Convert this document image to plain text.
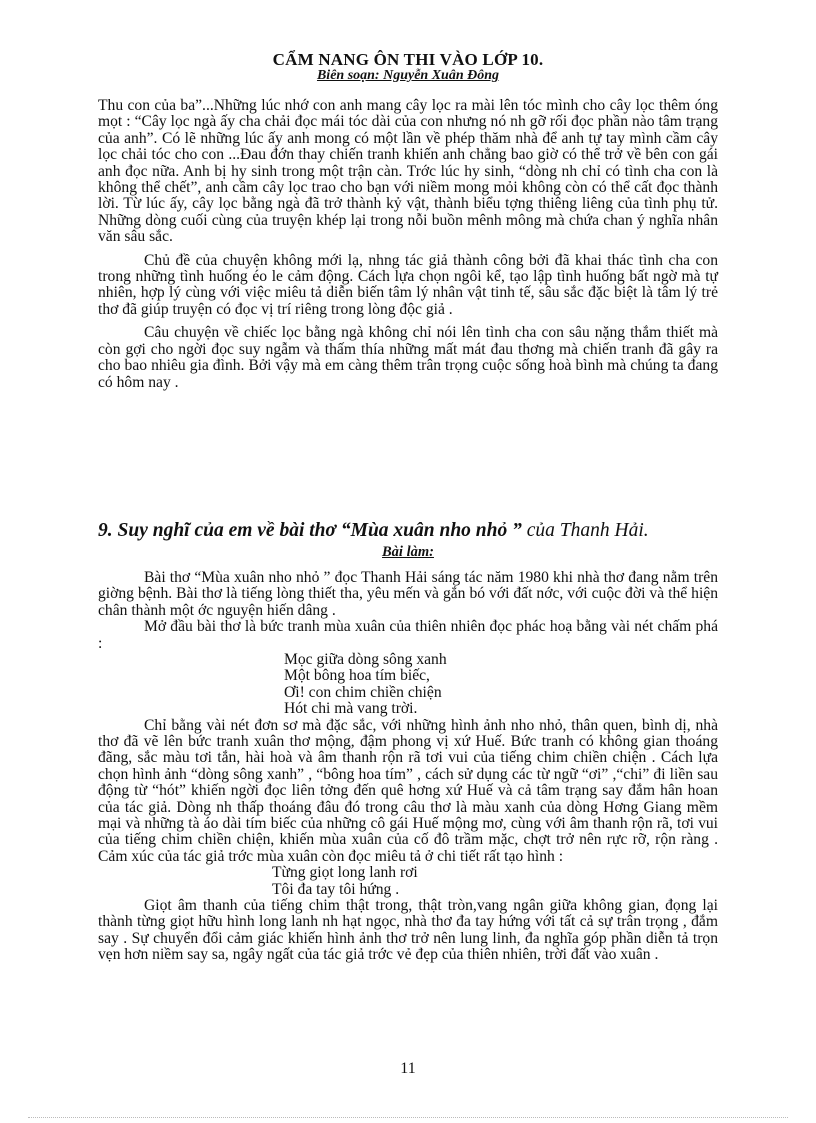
CẨM NANG ÔN THI VÀO LỚP 10.
Biên soạn: Nguyễn Xuân Đông

Thu con của ba”...Những lúc nhớ con anh mang cây lọc ra mài lên tóc mình cho cây lọc thêm óng mọt : “Cây lọc ngà ấy cha chải đọc mái tóc dài của con nhưng nó nh gỡ rối đọc phần nào tâm trạng của anh”. Có lẽ những lúc ấy anh mong có một lần về phép thăm nhà để anh tự tay mình cầm cây lọc chải tóc cho con ...Đau đớn thay chiến tranh khiến anh chẳng bao giờ có thể trở về bên con gái anh đọc nữa. Anh bị hy sinh trong một trận càn. Trớc lúc hy sinh, “dòng nh chỉ có tình cha con là không thể chết”, anh cầm cây lọc trao cho bạn với niềm mong mỏi không còn có thể cất đọc thành lời. Từ lúc ấy, cây lọc bằng ngà đã trở thành kỷ vật, thành biểu tợng thiêng liêng của tình phụ tử. Những dòng cuối cùng của truyện khép lại trong nỗi buồn mênh mông mà chứa chan ý nghĩa nhân văn sâu sắc.

Chủ đề của chuyện không mới lạ, nhng tác giả thành công bởi đã khai thác tình cha con trong những tình huống éo le cảm động. Cách lựa chọn ngôi kể, tạo lập tình huống bất ngờ mà tự nhiên, hợp lý cùng với việc miêu tả diễn biến tâm lý nhân vật tinh tế, sâu sắc đặc biệt là tâm lý trẻ thơ đã giúp truyện có đọc vị trí riêng trong lòng độc giả .

Câu chuyện về chiếc lọc bằng ngà không chỉ nói lên tình cha con sâu nặng thắm thiết mà còn gợi cho ngời đọc suy ngẫm và thấm thía những mất mát đau thơng mà chiến tranh đã gây ra cho bao nhiêu gia đình. Bởi vậy mà em càng thêm trân trọng cuộc sống hoà bình mà chúng ta đang có hôm nay .

9. Suy nghĩ của em về bài thơ “Mùa xuân nho nhỏ ” của Thanh Hải.
Bài làm:

Bài thơ “Mùa xuân nho nhỏ ” đọc Thanh Hải sáng tác năm 1980 khi nhà thơ đang nằm trên giờng bệnh. Bài thơ là tiếng lòng thiết tha, yêu mến và gắn bó với đất nớc, với cuộc đời và thể hiện chân thành một ớc nguyện hiến dâng .

Mở đầu bài thơ là bức tranh mùa xuân của thiên nhiên đọc phác hoạ bằng vài nét chấm phá :

Mọc giữa dòng sông xanh
Một bông hoa tím biếc,
Ơi! con chim chiền chiện
Hót chi mà vang trời.

Chỉ bằng vài nét đơn sơ mà đặc sắc, với những hình ảnh nho nhỏ, thân quen, bình dị, nhà thơ đã vẽ lên bức tranh xuân thơ mộng, đậm phong vị xứ Huế. Bức tranh có không gian thoáng đãng, sắc màu tơi tắn, hài hoà và âm thanh rộn rã tơi vui của tiếng chim chiền chiện . Cách lựa chọn hình ảnh “dòng sông xanh” , “bông hoa tím” , cách sử dụng các từ ngữ “ơi” ,“chi” đi liền sau động từ “hót” khiến ngời đọc liên tởng đến quê hơng xứ Huế và cả tâm trạng say đắm hân hoan của tác giả. Dòng nh thấp thoáng đâu đó trong câu thơ là màu xanh của dòng Hơng Giang mềm mại và những tà áo dài tím biếc của những cô gái Huế mộng mơ, cùng với âm thanh rộn rã, tơi vui của tiếng chim chiền chiện, khiến mùa xuân của cố đô trầm mặc, chợt trở nên rực rỡ, rộn ràng . Cảm xúc của tác giả trớc mùa xuân còn đọc miêu tả ở chi tiết rất tạo hình :

Từng giọt long lanh rơi
Tôi đa tay tôi hứng .

Giọt âm thanh của tiếng chim thật trong, thật tròn,vang ngân giữa không gian, đọng lại thành từng giọt hữu hình long lanh nh hạt ngọc, nhà thơ đa tay hứng với tất cả sự trân trọng , đắm say . Sự chuyển đổi cảm giác khiến hình ảnh thơ trở nên lung linh, đa nghĩa góp phần diễn tả trọn vẹn hơn niềm say sa, ngây ngất của tác giả trớc vẻ đẹp của thiên nhiên, trời đất vào xuân .

11
